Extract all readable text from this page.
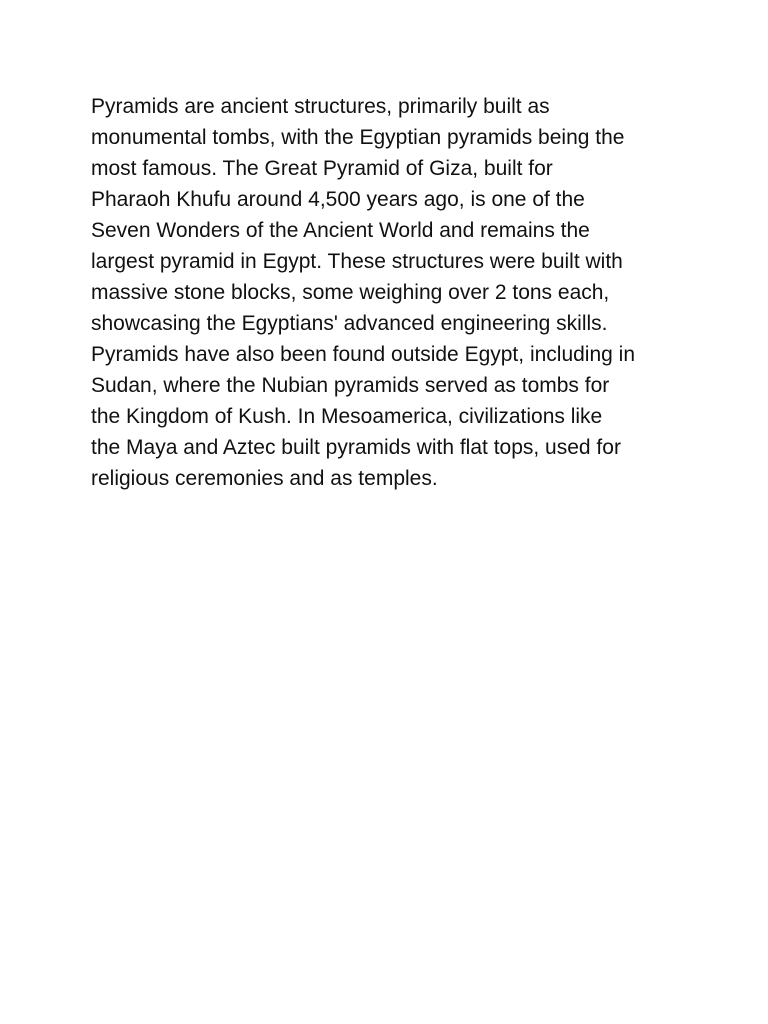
Pyramids are ancient structures, primarily built as
monumental tombs, with the Egyptian pyramids being the
most famous. The Great Pyramid of Giza, built for
Pharaoh Khufu around 4,500 years ago, is one of the
Seven Wonders of the Ancient World and remains the
largest pyramid in Egypt. These structures were built with
massive stone blocks, some weighing over 2 tons each,
showcasing the Egyptians' advanced engineering skills.
Pyramids have also been found outside Egypt, including in
Sudan, where the Nubian pyramids served as tombs for
the Kingdom of Kush. In Mesoamerica, civilizations like
the Maya and Aztec built pyramids with flat tops, used for
religious ceremonies and as temples.
